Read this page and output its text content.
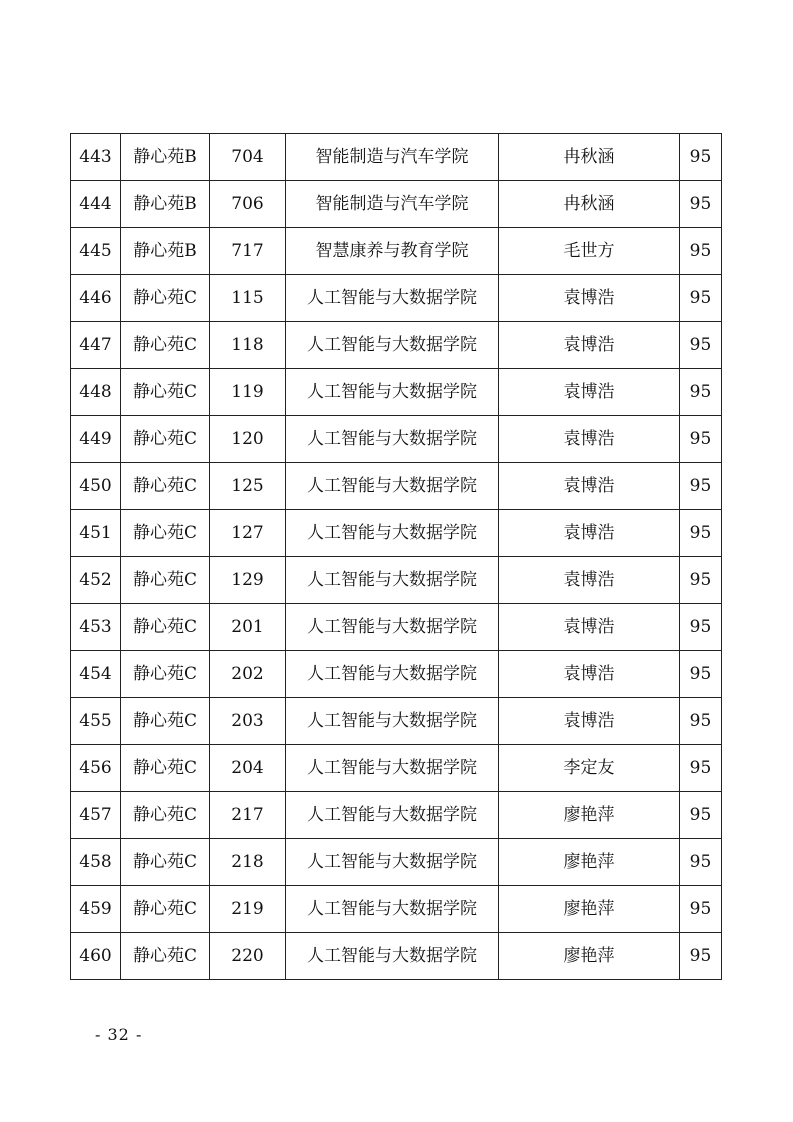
443	静心苑B	704	智能制造与汽车学院	冉秋涵	95
444	静心苑B	706	智能制造与汽车学院	冉秋涵	95
445	静心苑B	717	智慧康养与教育学院	毛世方	95
446	静心苑C	115	人工智能与大数据学院	袁博浩	95
447	静心苑C	118	人工智能与大数据学院	袁博浩	95
448	静心苑C	119	人工智能与大数据学院	袁博浩	95
449	静心苑C	120	人工智能与大数据学院	袁博浩	95
450	静心苑C	125	人工智能与大数据学院	袁博浩	95
451	静心苑C	127	人工智能与大数据学院	袁博浩	95
452	静心苑C	129	人工智能与大数据学院	袁博浩	95
453	静心苑C	201	人工智能与大数据学院	袁博浩	95
454	静心苑C	202	人工智能与大数据学院	袁博浩	95
455	静心苑C	203	人工智能与大数据学院	袁博浩	95
456	静心苑C	204	人工智能与大数据学院	李定友	95
457	静心苑C	217	人工智能与大数据学院	廖艳萍	95
458	静心苑C	218	人工智能与大数据学院	廖艳萍	95
459	静心苑C	219	人工智能与大数据学院	廖艳萍	95
460	静心苑C	220	人工智能与大数据学院	廖艳萍	95
- 32 -
